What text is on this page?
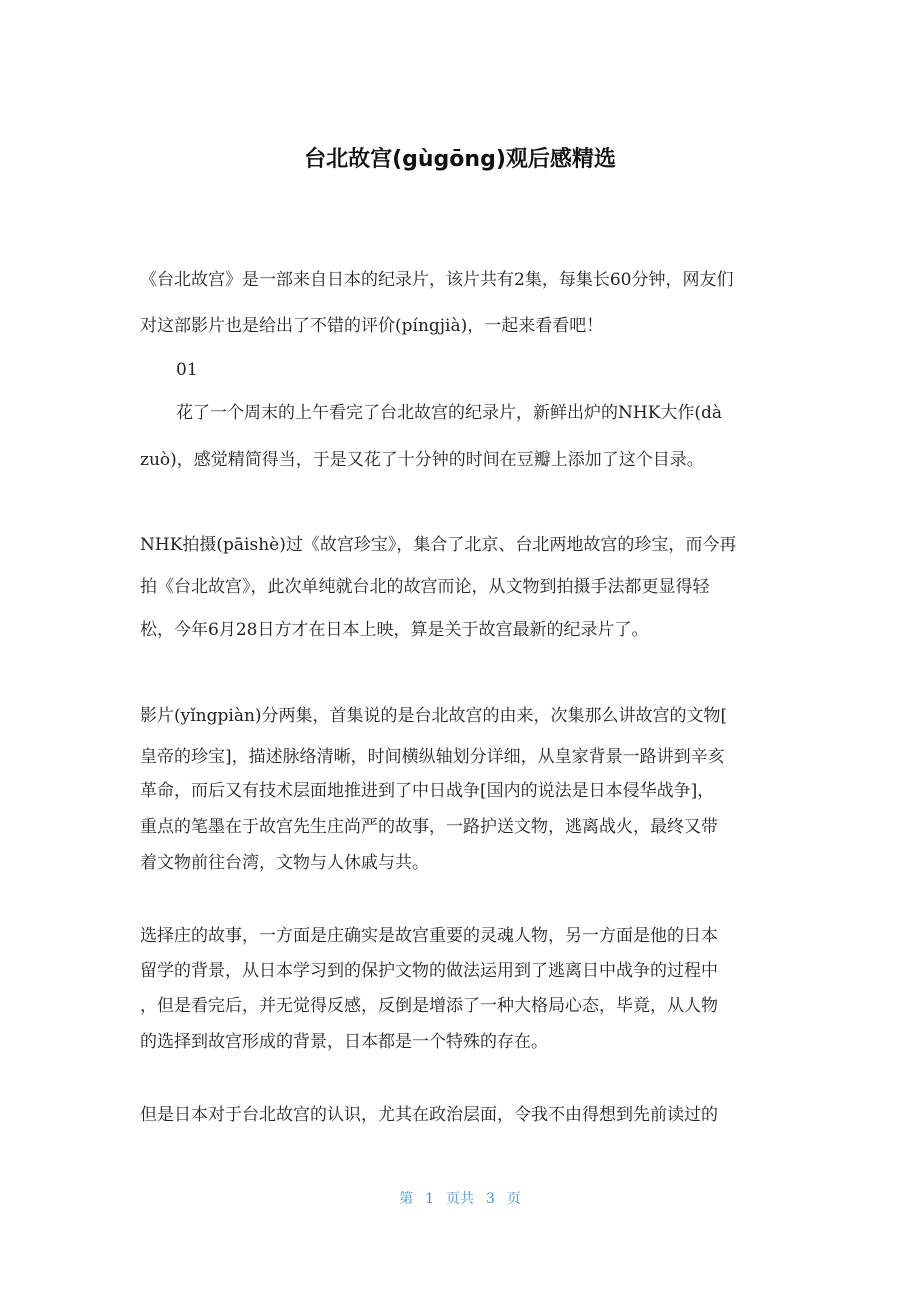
台北故宫(gùgōng)观后感精选
《台北故宫》是一部来自日本的纪录片，该片共有2集，每集长60分钟，网友们
对这部影片也是给出了不错的评价(píngjià)，一起来看看吧！
01
花了一个周末的上午看完了台北故宫的纪录片，新鲜出炉的NHK大作(dà
zuò)，感觉精简得当，于是又花了十分钟的时间在豆瓣上添加了这个目录。
NHK拍摄(pāishè)过《故宫珍宝》，集合了北京、台北两地故宫的珍宝，而今再
拍《台北故宫》，此次单纯就台北的故宫而论，从文物到拍摄手法都更显得轻
松，今年6月28日方才在日本上映，算是关于故宫最新的纪录片了。
影片(yǐngpiàn)分两集，首集说的是台北故宫的由来，次集那么讲故宫的文物[
皇帝的珍宝]，描述脉络清晰，时间横纵轴划分详细，从皇家背景一路讲到辛亥
革命，而后又有技术层面地推进到了中日战争[国内的说法是日本侵华战争]，
重点的笔墨在于故宫先生庄尚严的故事，一路护送文物，逃离战火，最终又带
着文物前往台湾，文物与人休戚与共。
选择庄的故事，一方面是庄确实是故宫重要的灵魂人物，另一方面是他的日本
留学的背景，从日本学习到的保护文物的做法运用到了逃离日中战争的过程中
，但是看完后，并无觉得反感，反倒是增添了一种大格局心态，毕竟，从人物
的选择到故宫形成的背景，日本都是一个特殊的存在。
但是日本对于台北故宫的认识，尤其在政治层面，令我不由得想到先前读过的
第 1 页共 3 页
